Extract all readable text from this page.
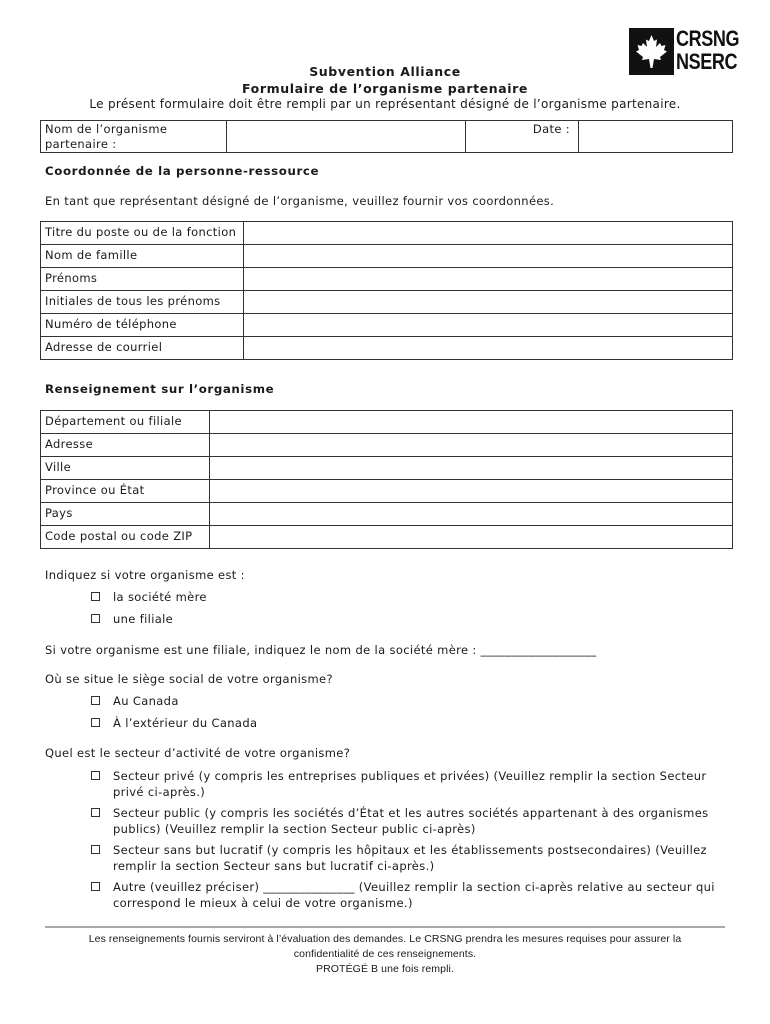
CRSNG
NSERC
Subvention Alliance
Formulaire de l’organisme partenaire
Le présent formulaire doit être rempli par un représentant désigné de l’organisme partenaire.
Nom de l’organisme partenaire :		Date :	
Coordonnée de la personne-ressource
En tant que représentant désigné de l’organisme, veuillez fournir vos coordonnées.
Titre du poste ou de la fonction	
Nom de famille	
Prénoms	
Initiales de tous les prénoms	
Numéro de téléphone	
Adresse de courriel	
Renseignement sur l’organisme
Département ou filiale	
Adresse	
Ville	
Province ou État	
Pays	
Code postal ou code ZIP	
Indiquez si votre organisme est :
la société mère
une filiale
Si votre organisme est une filiale, indiquez le nom de la société mère : ___________________
Où se situe le siège social de votre organisme?
Au Canada
À l’extérieur du Canada
Quel est le secteur d’activité de votre organisme?
Secteur privé (y compris les entreprises publiques et privées) (Veuillez remplir la section Secteur privé ci-après.)
Secteur public (y compris les sociétés d’État et les autres sociétés appartenant à des organismes publics) (Veuillez remplir la section Secteur public ci-après)
Secteur sans but lucratif (y compris les hôpitaux et les établissements postsecondaires) (Veuillez remplir la section Secteur sans but lucratif ci-après.)
Autre (veuillez préciser) _______________ (Veuillez remplir la section ci-après relative au secteur qui correspond le mieux à celui de votre organisme.)
Les renseignements fournis serviront à l’évaluation des demandes. Le CRSNG prendra les mesures requises pour assurer la
confidentialité de ces renseignements.
PROTÉGÉ B une fois rempli.
